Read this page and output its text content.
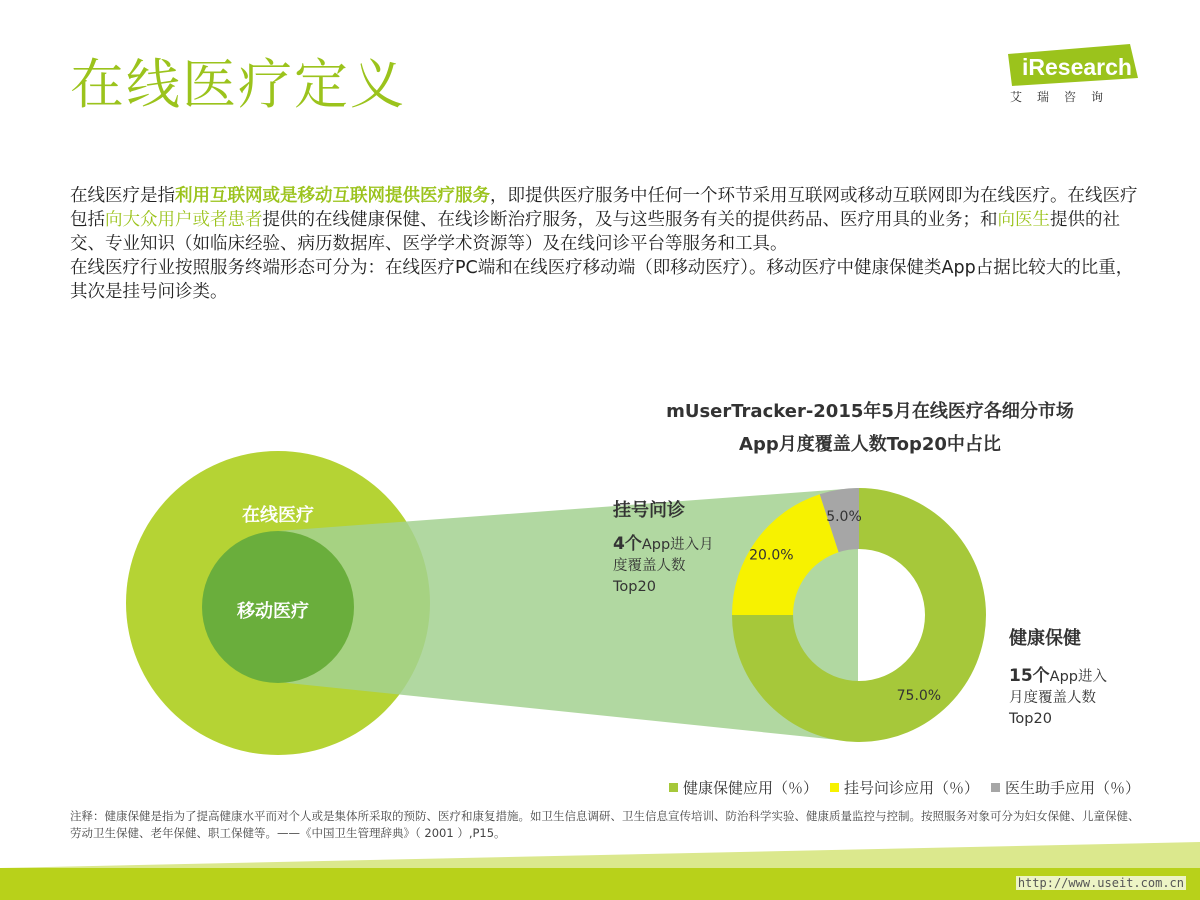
在线医疗定义	iResearch
艾瑞咨询

在线医疗是指利用互联网或是移动互联网提供医疗服务，即提供医疗服务中任何一个环节采用互联网或移动互联网即为在线医疗。在线医疗包括向大众用户或者患者提供的在线健康保健、在线诊断治疗服务，及与这些服务有关的提供药品、医疗用具的业务；和向医生提供的社交、专业知识（如临床经验、病历数据库、医学学术资源等）及在线问诊平台等服务和工具。

在线医疗行业按照服务终端形态可分为：在线医疗PC端和在线医疗移动端（即移动医疗）。移动医疗中健康保健类App占据比较大的比重，其次是挂号问诊类。

mUserTracker-2015年5月在线医疗各细分市场
App月度覆盖人数Top20中占比
在线医疗
移动医疗
75.0%
20.0%
5.0%
挂号问诊
4个App进入月
度覆盖人数
Top20
健康保健
15个App进入
月度覆盖人数
Top20
健康保健应用（％） 挂号问诊应用（％） 医生助手应用（％）
注释：健康保健是指为了提高健康水平而对个人或是集体所采取的预防、医疗和康复措施。如卫生信息调研、卫生信息宣传培训、防治科学实验、健康质量监控与控制。按照服务对象可分为妇女保健、儿童保健、劳动卫生保健、老年保健、职工保健等。——《中国卫生管理辞典》（ 2001 ）,P15。
http://www.useit.com.cn
